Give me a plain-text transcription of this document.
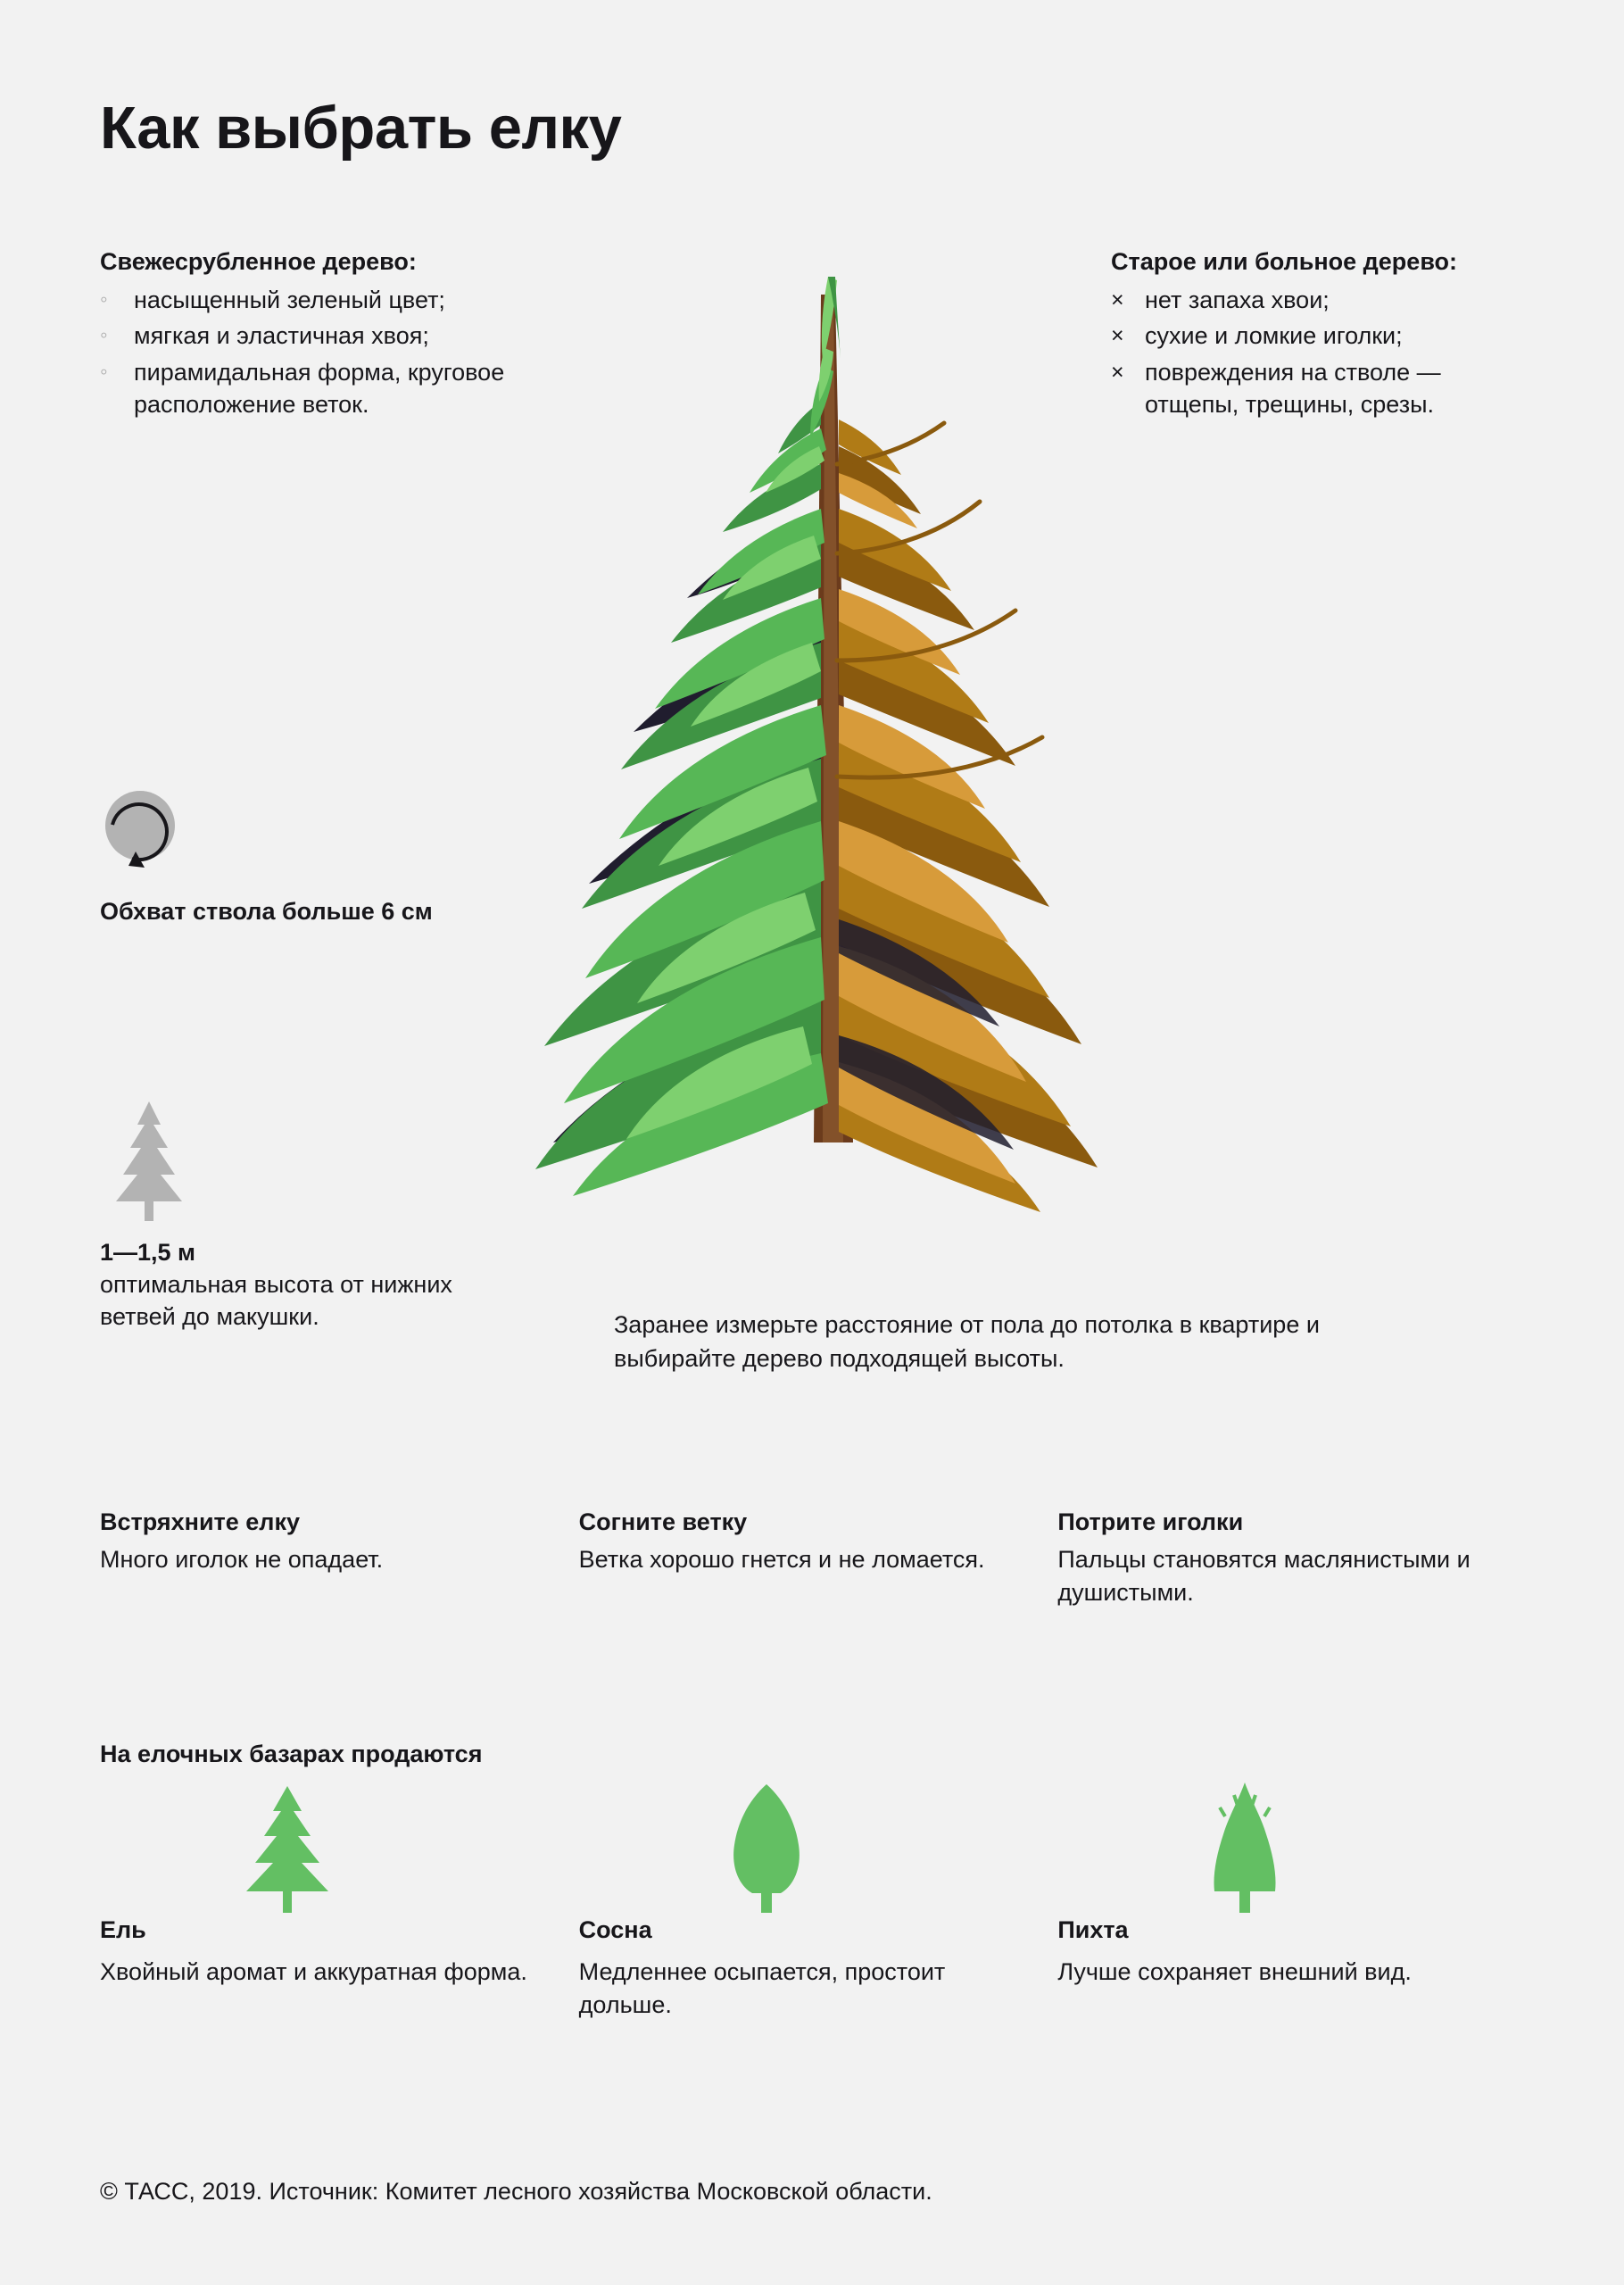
Как выбрать елку
Свежесрубленное дерево:
◦	насыщенный зеленый цвет;
◦	мягкая и эластичная хвоя;
◦	пирамидальная форма, круговое расположение веток.
Старое или больное дерево:
× нет запаха хвои;
× сухие и ломкие иголки;
× повреждения на стволе — отщепы, трещины, срезы.
Обхват ствола больше 6 см
1—1,5 м
оптимальная высота от нижних ветвей до макушки.	Заранее измерьте расстояние от пола до потолка в квартире и выбирайте дерево подходящей высоты.
Встряхните елку
Много иголок не опадает.
Согните ветку
Ветка хорошо гнется и не ломается.
Потрите иголки
Пальцы становятся маслянистыми и душистыми.
На елочных базарах продаются
Ель
Хвойный аромат и аккуратная форма.
Сосна
Медленнее осыпается, простоит дольше.
Пихта
Лучше сохраняет внешний вид.
© ТАСС, 2019. Источник: Комитет лесного хозяйства Московской области.
